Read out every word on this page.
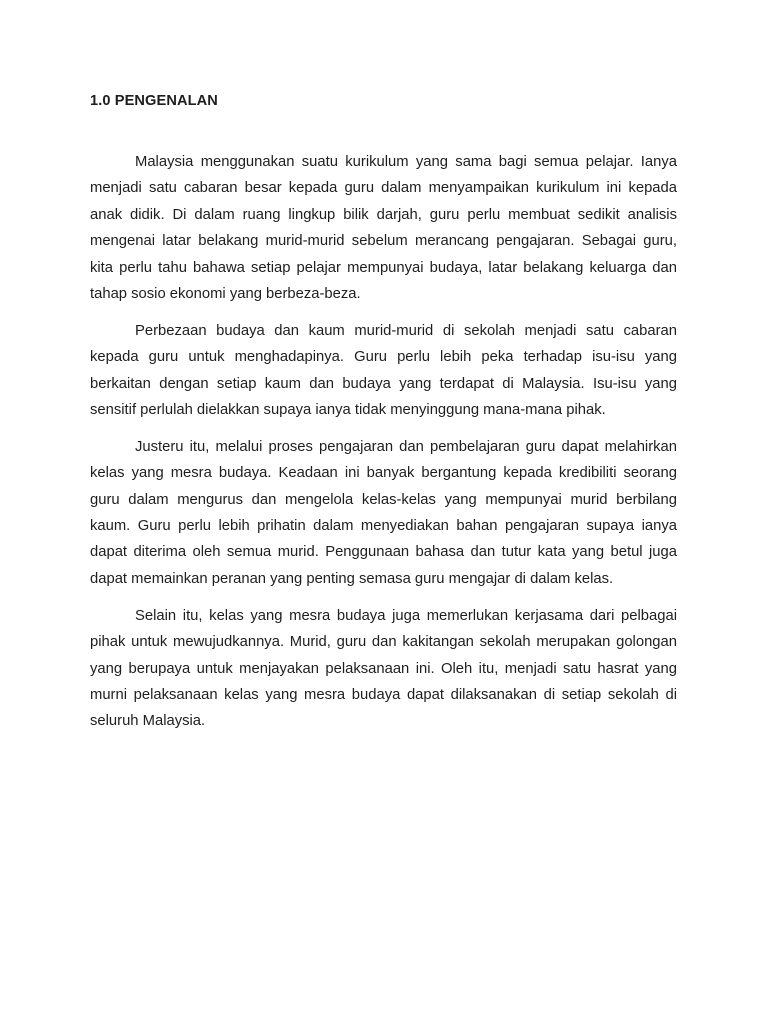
1.0 PENGENALAN
Malaysia menggunakan suatu kurikulum yang sama bagi semua pelajar. Ianya
menjadi satu cabaran besar kepada guru dalam menyampaikan kurikulum ini kepada
anak didik. Di dalam ruang lingkup bilik darjah, guru perlu membuat sedikit analisis
mengenai latar belakang murid-murid sebelum merancang pengajaran. Sebagai guru,
kita perlu tahu bahawa setiap pelajar mempunyai budaya, latar belakang keluarga dan
tahap sosio ekonomi yang berbeza-beza.
Perbezaan budaya dan kaum murid-murid di sekolah menjadi satu cabaran
kepada guru untuk menghadapinya. Guru perlu lebih peka terhadap isu-isu yang
berkaitan dengan setiap kaum dan budaya yang terdapat di Malaysia. Isu-isu yang
sensitif perlulah dielakkan supaya ianya tidak menyinggung mana-mana pihak.
Justeru itu, melalui proses pengajaran dan pembelajaran guru dapat melahirkan
kelas yang mesra budaya. Keadaan ini banyak bergantung kepada kredibiliti seorang
guru dalam mengurus dan mengelola kelas-kelas yang mempunyai murid berbilang
kaum. Guru perlu lebih prihatin dalam menyediakan bahan pengajaran supaya ianya
dapat diterima oleh semua murid. Penggunaan bahasa dan tutur kata yang betul juga
dapat memainkan peranan yang penting semasa guru mengajar di dalam kelas.
Selain itu, kelas yang mesra budaya juga memerlukan kerjasama dari pelbagai
pihak untuk mewujudkannya. Murid, guru dan kakitangan sekolah merupakan golongan
yang berupaya untuk menjayakan pelaksanaan ini. Oleh itu, menjadi satu hasrat yang
murni pelaksanaan kelas yang mesra budaya dapat dilaksanakan di setiap sekolah di
seluruh Malaysia.
